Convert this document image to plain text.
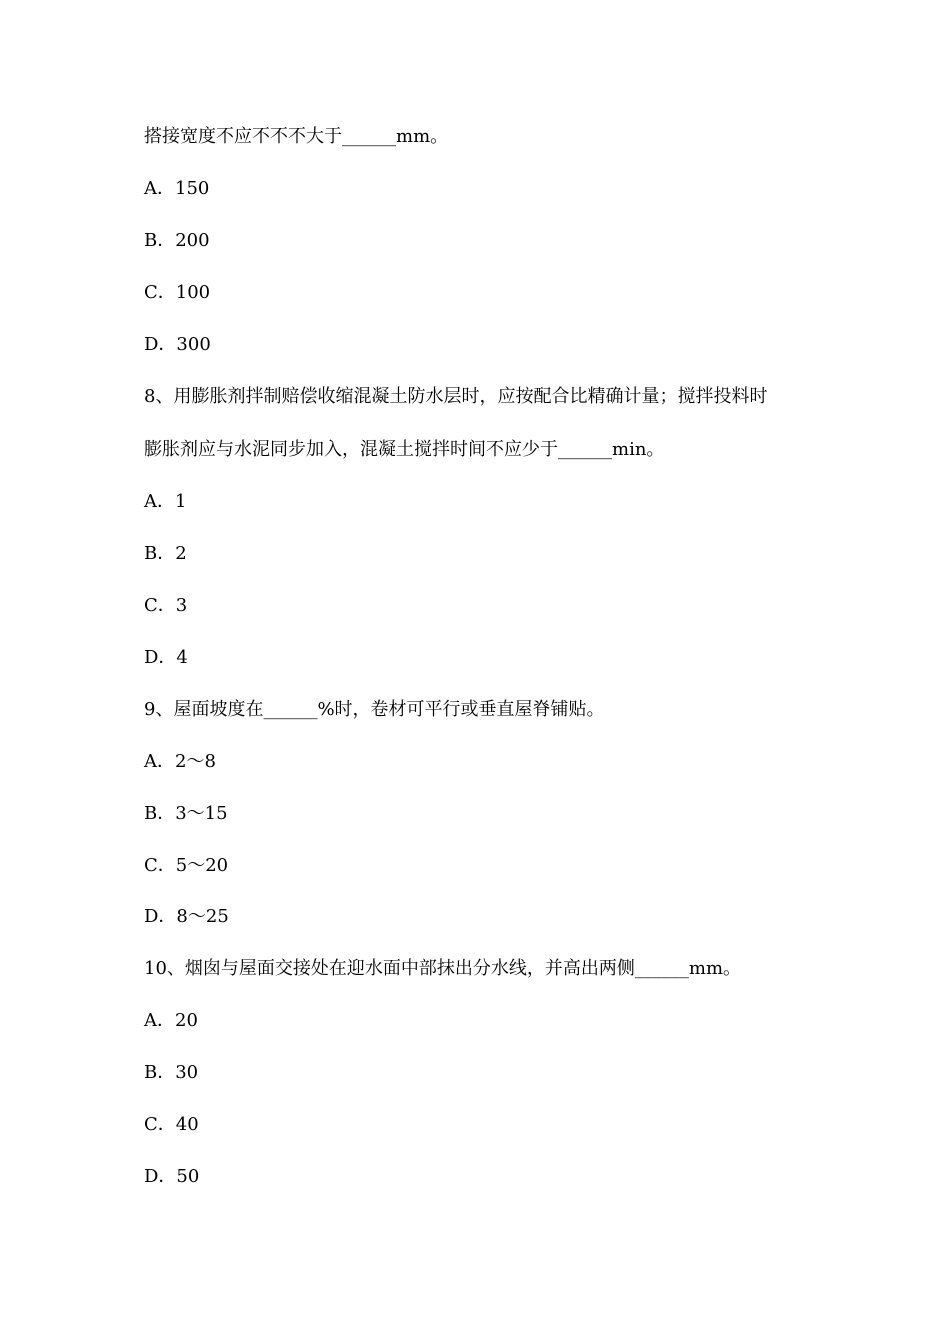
搭接宽度不应不不不大于______mm。
A．150
B．200
C．100
D．300
8、用膨胀剂拌制赔偿收缩混凝土防水层时，应按配合比精确计量；搅拌投料时
膨胀剂应与水泥同步加入，混凝土搅拌时间不应少于______min。
A．1
B．2
C．3
D．4
9、屋面坡度在______%时，卷材可平行或垂直屋脊铺贴。
A．2～8
B．3～15
C．5～20
D．8～25
10、烟囱与屋面交接处在迎水面中部抹出分水线，并高出两侧______mm。
A．20
B．30
C．40
D．50
